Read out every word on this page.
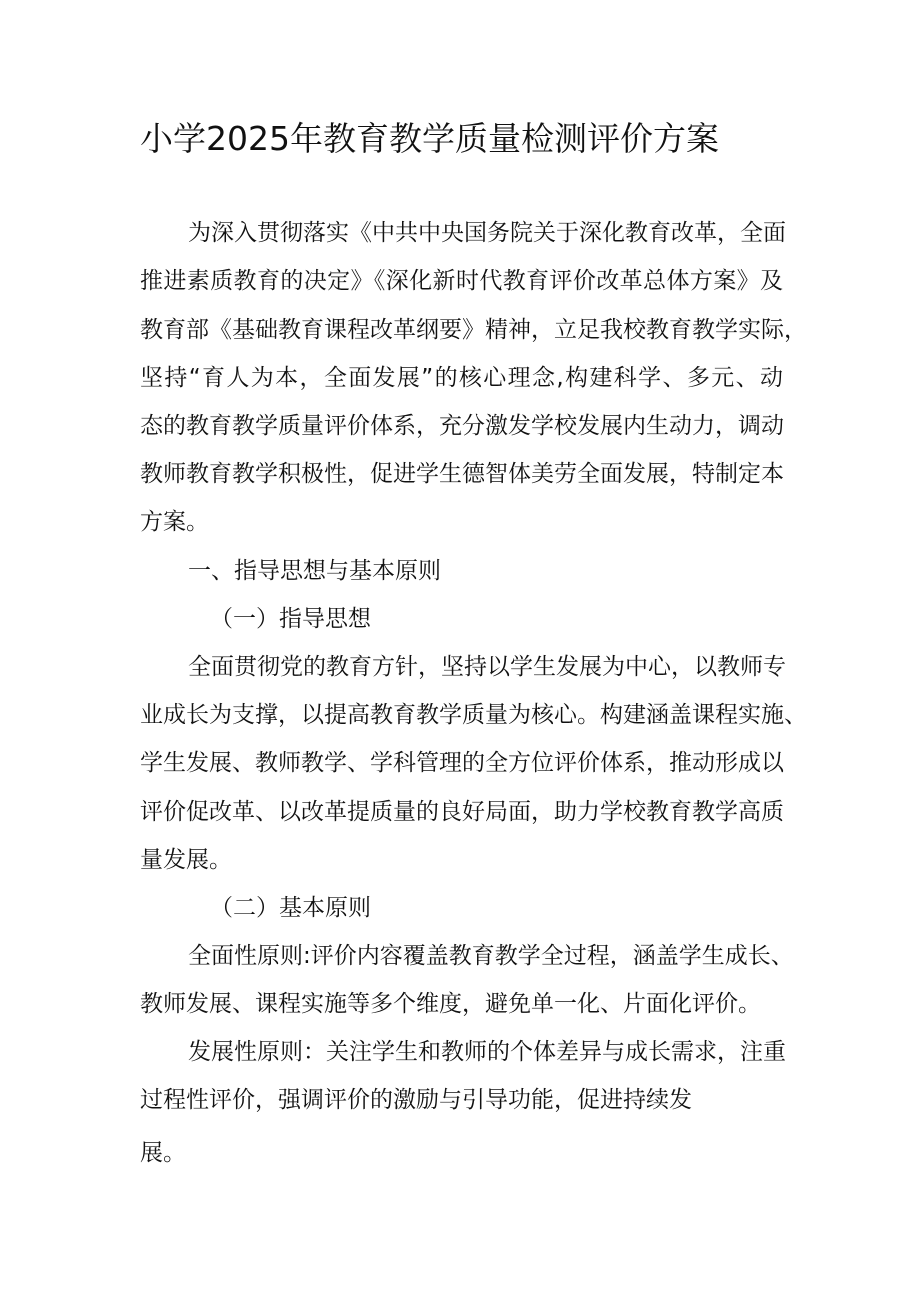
小学2025年教育教学质量检测评价方案

为深入贯彻落实《中共中央国务院关于深化教育改革，全面

推进素质教育的决定》《深化新时代教育评价改革总体方案》及

教育部《基础教育课程改革纲要》精神，立足我校教育教学实际，

坚持“育人为本，全面发展”的核心理念,构建科学、多元、动

态的教育教学质量评价体系，充分激发学校发展内生动力，调动

教师教育教学积极性，促进学生德智体美劳全面发展，特制定本

方案。

一、指导思想与基本原则

（一）指导思想

全面贯彻党的教育方针，坚持以学生发展为中心，以教师专

业成长为支撑，以提高教育教学质量为核心。构建涵盖课程实施、

学生发展、教师教学、学科管理的全方位评价体系，推动形成以

评价促改革、以改革提质量的良好局面，助力学校教育教学高质

量发展。

（二）基本原则

全面性原则:评价内容覆盖教育教学全过程，涵盖学生成长、

教师发展、课程实施等多个维度，避免单一化、片面化评价。

发展性原则：关注学生和教师的个体差异与成长需求，注重

过程性评价，强调评价的激励与引导功能，促进持续发

展。
